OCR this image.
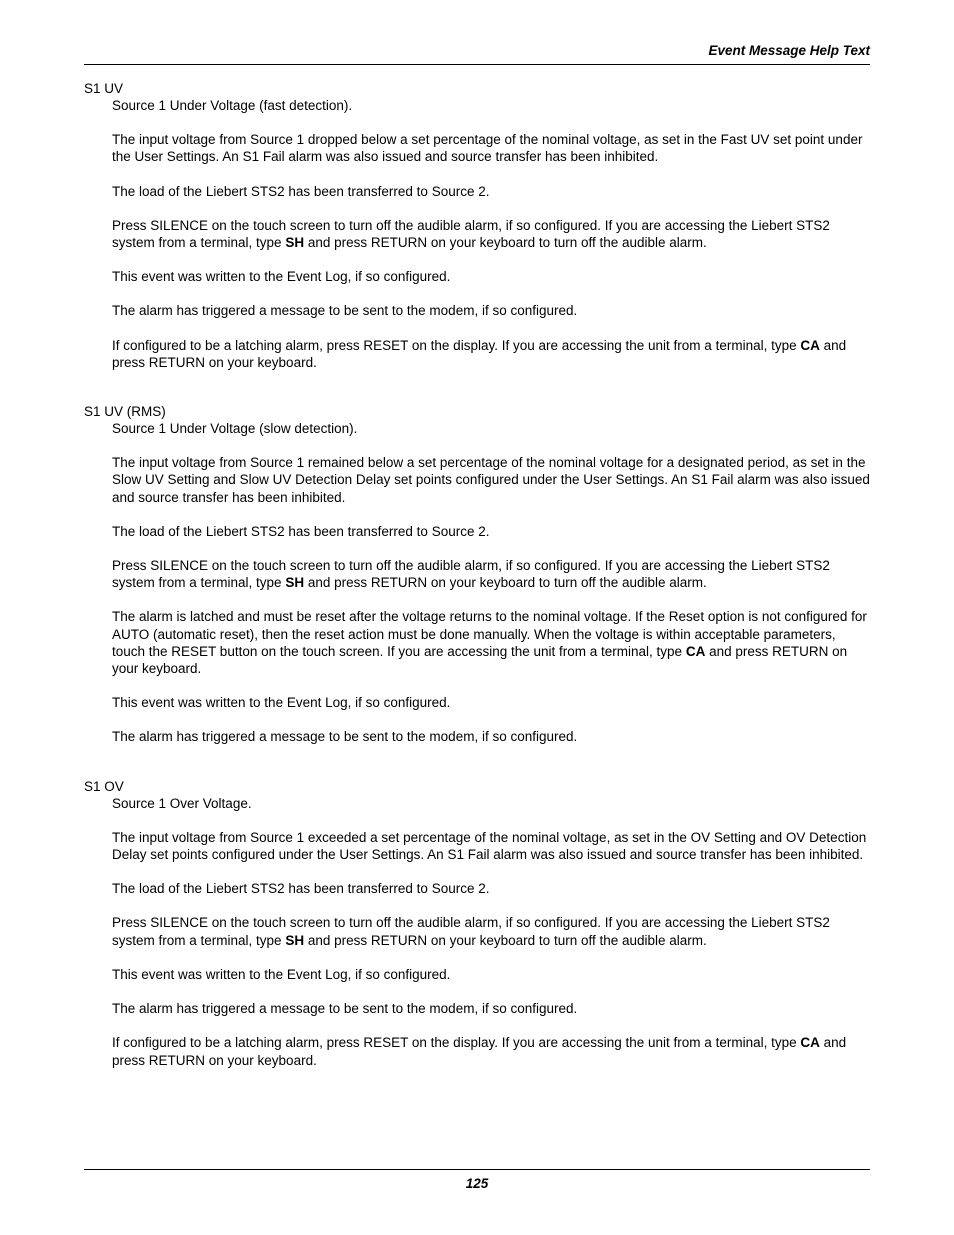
Event Message Help Text
S1 UV

Source 1 Under Voltage (fast detection).

The input voltage from Source 1 dropped below a set percentage of the nominal voltage, as set in the Fast UV set point under the User Settings. An S1 Fail alarm was also issued and source transfer has been inhibited.

The load of the Liebert STS2 has been transferred to Source 2.

Press SILENCE on the touch screen to turn off the audible alarm, if so configured. If you are accessing the Liebert STS2 system from a terminal, type SH and press RETURN on your keyboard to turn off the audible alarm.

This event was written to the Event Log, if so configured.

The alarm has triggered a message to be sent to the modem, if so configured.

If configured to be a latching alarm, press RESET on the display. If you are accessing the unit from a terminal, type CA and press RETURN on your keyboard.

S1 UV (RMS)

Source 1 Under Voltage (slow detection).

The input voltage from Source 1 remained below a set percentage of the nominal voltage for a designated period, as set in the Slow UV Setting and Slow UV Detection Delay set points configured under the User Settings. An S1 Fail alarm was also issued and source transfer has been inhibited.

The load of the Liebert STS2 has been transferred to Source 2.

Press SILENCE on the touch screen to turn off the audible alarm, if so configured. If you are accessing the Liebert STS2 system from a terminal, type SH and press RETURN on your keyboard to turn off the audible alarm.

The alarm is latched and must be reset after the voltage returns to the nominal voltage. If the Reset option is not configured for AUTO (automatic reset), then the reset action must be done manually. When the voltage is within acceptable parameters, touch the RESET button on the touch screen. If you are accessing the unit from a terminal, type CA and press RETURN on your keyboard.

This event was written to the Event Log, if so configured.

The alarm has triggered a message to be sent to the modem, if so configured.

S1 OV

Source 1 Over Voltage.

The input voltage from Source 1 exceeded a set percentage of the nominal voltage, as set in the OV Setting and OV Detection Delay set points configured under the User Settings. An S1 Fail alarm was also issued and source transfer has been inhibited.

The load of the Liebert STS2 has been transferred to Source 2.

Press SILENCE on the touch screen to turn off the audible alarm, if so configured. If you are accessing the Liebert STS2 system from a terminal, type SH and press RETURN on your keyboard to turn off the audible alarm.

This event was written to the Event Log, if so configured.

The alarm has triggered a message to be sent to the modem, if so configured.

If configured to be a latching alarm, press RESET on the display. If you are accessing the unit from a terminal, type CA and press RETURN on your keyboard.

125
